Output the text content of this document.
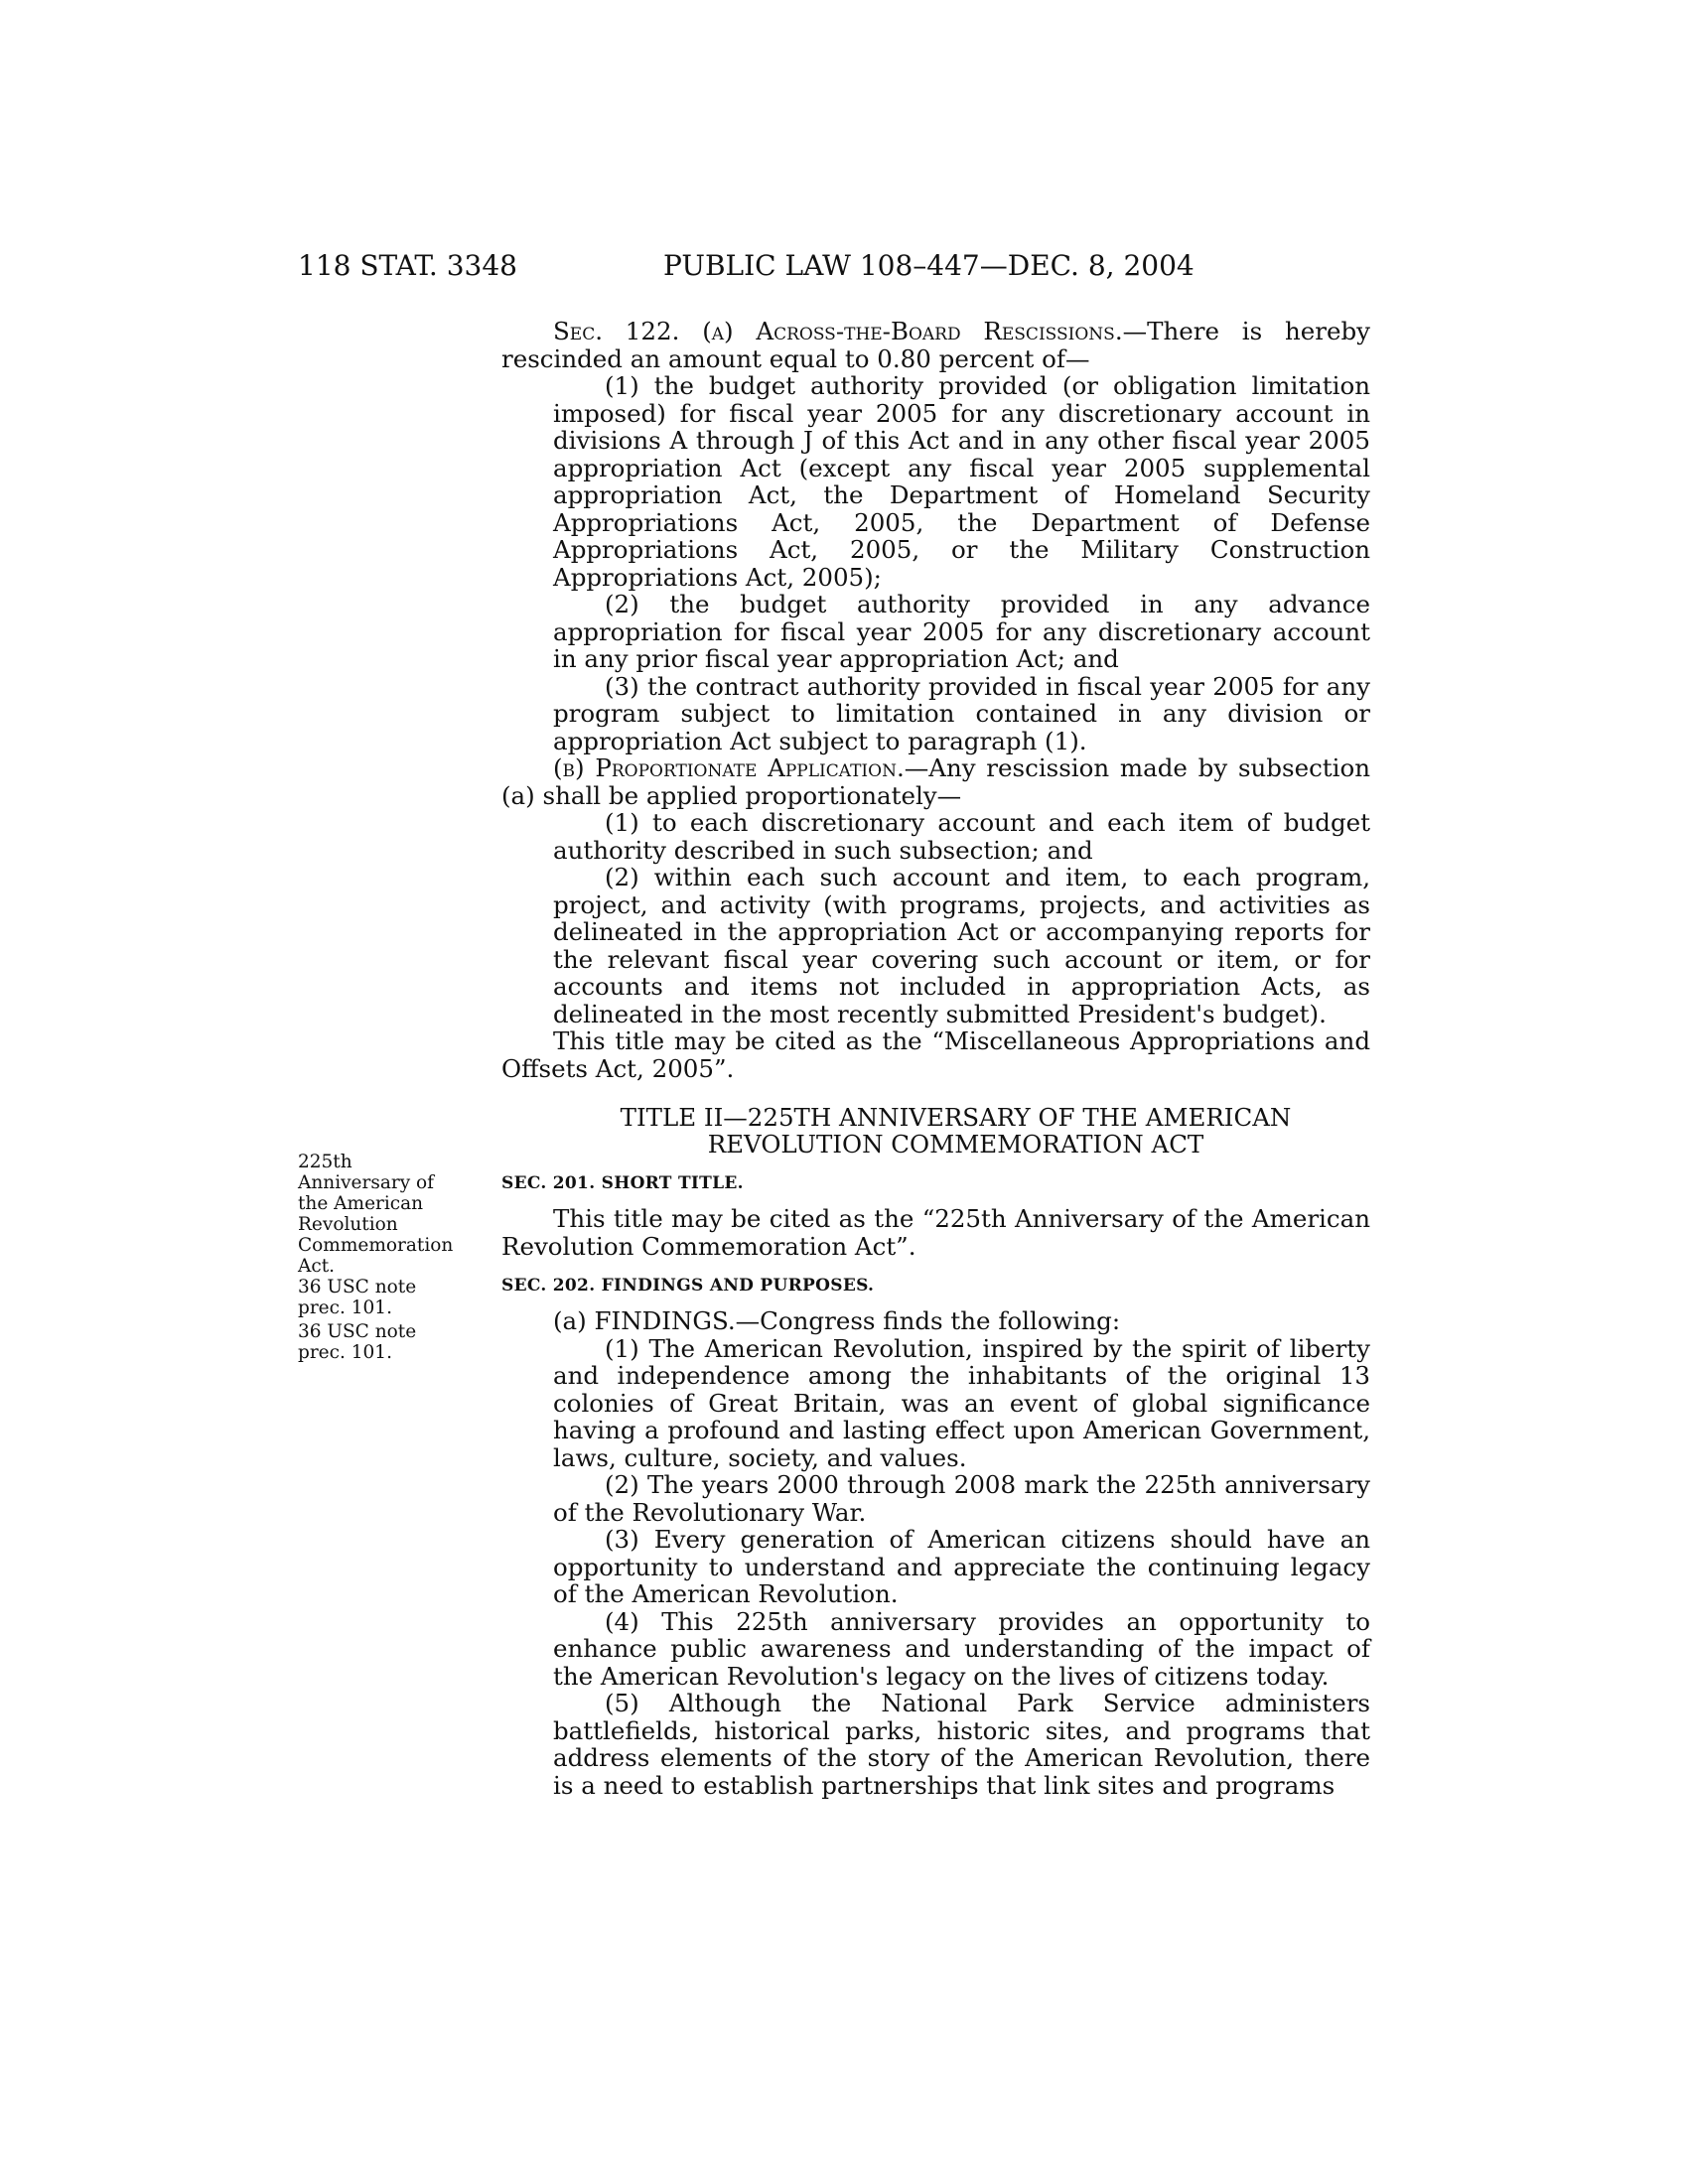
118 STAT. 3348	PUBLIC LAW 108–447—DEC. 8, 2004

Sec. 122. (a) Across-the-Board Rescissions.—There is hereby rescinded an amount equal to 0.80 percent of—

(1) the budget authority provided (or obligation limitation imposed) for fiscal year 2005 for any discretionary account in divisions A through J of this Act and in any other fiscal year 2005 appropriation Act (except any fiscal year 2005 supplemental appropriation Act, the Department of Homeland Security Appropriations Act, 2005, the Department of Defense Appropriations Act, 2005, or the Military Construction Appropriations Act, 2005);

(2) the budget authority provided in any advance appropriation for fiscal year 2005 for any discretionary account in any prior fiscal year appropriation Act; and

(3) the contract authority provided in fiscal year 2005 for any program subject to limitation contained in any division or appropriation Act subject to paragraph (1).

(b) Proportionate Application.—Any rescission made by subsection (a) shall be applied proportionately—

(1) to each discretionary account and each item of budget authority described in such subsection; and

(2) within each such account and item, to each program, project, and activity (with programs, projects, and activities as delineated in the appropriation Act or accompanying reports for the relevant fiscal year covering such account or item, or for accounts and items not included in appropriation Acts, as delineated in the most recently submitted President's budget).

This title may be cited as the “Miscellaneous Appropriations and Offsets Act, 2005”.

TITLE II—225TH ANNIVERSARY OF THE AMERICAN
REVOLUTION COMMEMORATION ACT

SEC. 201. SHORT TITLE.

This title may be cited as the “225th Anniversary of the American Revolution Commemoration Act”.

SEC. 202. FINDINGS AND PURPOSES.

(a) FINDINGS.—Congress finds the following:

(1) The American Revolution, inspired by the spirit of liberty and independence among the inhabitants of the original 13 colonies of Great Britain, was an event of global significance having a profound and lasting effect upon American Government, laws, culture, society, and values.

(2) The years 2000 through 2008 mark the 225th anniversary of the Revolutionary War.

(3) Every generation of American citizens should have an opportunity to understand and appreciate the continuing legacy of the American Revolution.

(4) This 225th anniversary provides an opportunity to enhance public awareness and understanding of the impact of the American Revolution's legacy on the lives of citizens today.

(5) Although the National Park Service administers battlefields, historical parks, historic sites, and programs that address elements of the story of the American Revolution, there is a need to establish partnerships that link sites and programs

225th

Anniversary of

the American

Revolution

Commemoration

Act.

36 USC note

prec. 101.

36 USC note

prec. 101.
